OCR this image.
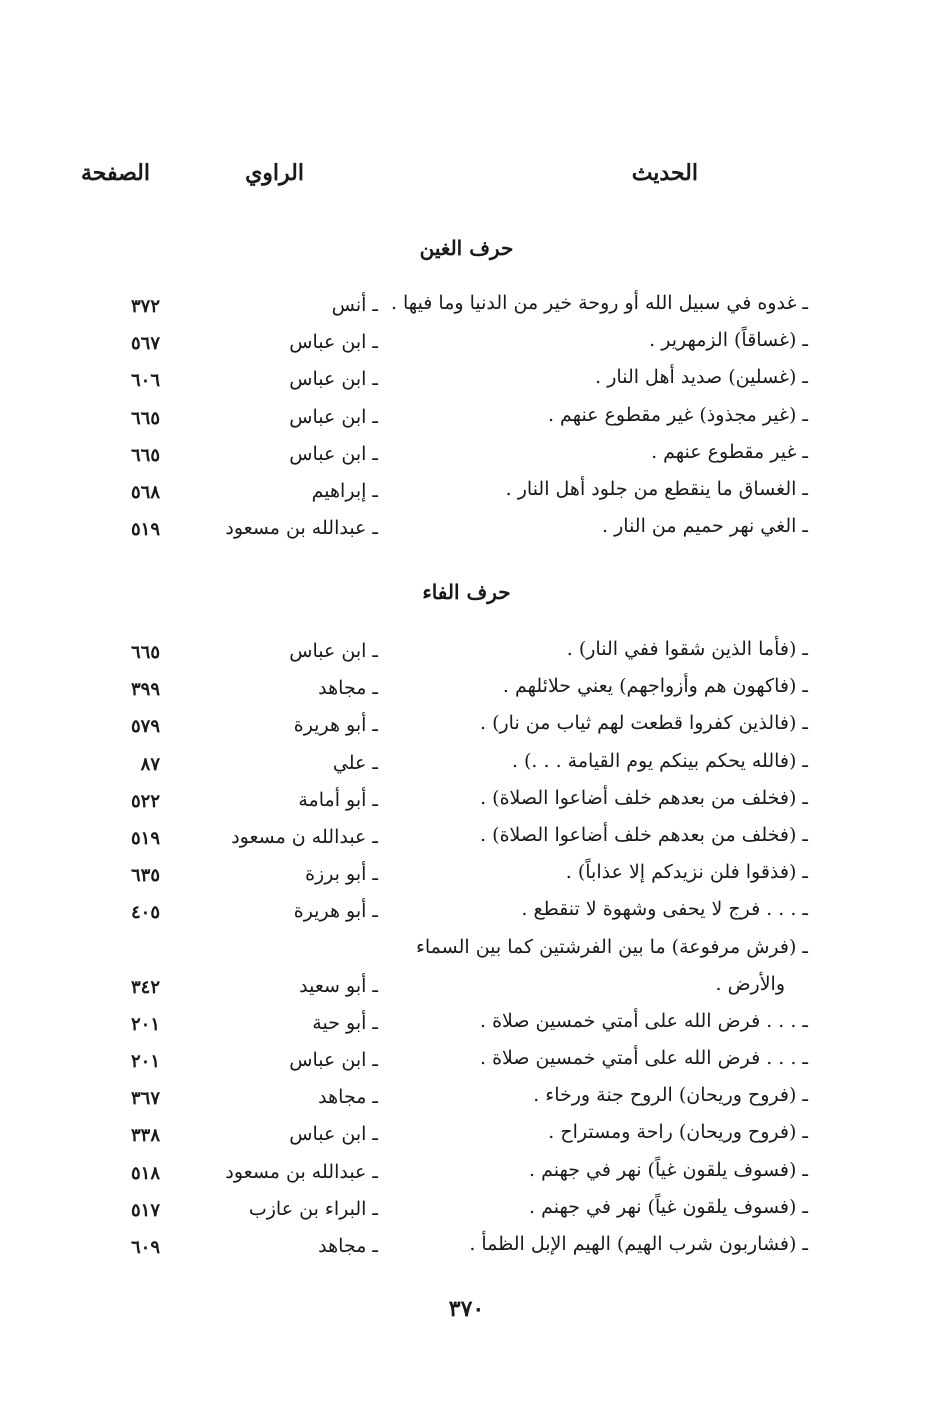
الحديث
الراوي
الصفحة
حرف الغين
ـ غدوه في سبيل الله أو روحة خير من الدنيا وما فيها .
ـ أنس
٣٧٢
ـ (غساقاً) الزمهرير .
ـ ابن عباس
٥٦٧
ـ (غسلين) صديد أهل النار .
ـ ابن عباس
٦٠٦
ـ (غير مجذوذ) غير مقطوع عنهم .
ـ ابن عباس
٦٦٥
ـ غير مقطوع عنهم .
ـ ابن عباس
٦٦٥
ـ الغساق ما ينقطع من جلود أهل النار .
ـ إبراهيم
٥٦٨
ـ الغي نهر حميم من النار .
ـ عبدالله بن مسعود
٥١٩
حرف الفاء
ـ (فأما الذين شقوا ففي النار) .
ـ ابن عباس
٦٦٥
ـ (فاكهون هم وأزواجهم) يعني حلائلهم .
ـ مجاهد
٣٩٩
ـ (فالذين كفروا قطعت لهم ثياب من نار) .
ـ أبو هريرة
٥٧٩
ـ (فالله يحكم بينكم يوم القيامة . . .) .
ـ علي
٨٧
ـ (فخلف من بعدهم خلف أضاعوا الصلاة) .
ـ أبو أمامة
٥٢٢
ـ (فخلف من بعدهم خلف أضاعوا الصلاة) .
ـ عبدالله ن مسعود
٥١٩
ـ (فذقوا فلن نزيدكم إلا عذاباً) .
ـ أبو برزة
٦٣٥
ـ . . . فرج لا يحفى وشهوة لا تنقطع .
ـ أبو هريرة
٤٠٥
ـ (فرش مرفوعة) ما بين الفرشتين كما بين السماء
والأرض .
ـ أبو سعيد
٣٤٢
ـ . . . فرض الله على أمتي خمسين صلاة .
ـ أبو حية
٢٠١
ـ . . . فرض الله على أمتي خمسين صلاة .
ـ ابن عباس
٢٠١
ـ (فروح وريحان) الروح جنة ورخاء .
ـ مجاهد
٣٦٧
ـ (فروح وريحان) راحة ومستراح .
ـ ابن عباس
٣٣٨
ـ (فسوف يلقون غياً) نهر في جهنم .
ـ عبدالله بن مسعود
٥١٨
ـ (فسوف يلقون غياً) نهر في جهنم .
ـ البراء بن عازب
٥١٧
ـ (فشاربون شرب الهيم) الهيم الإبل الظمأ .
ـ مجاهد
٦٠٩
٣٧٠
